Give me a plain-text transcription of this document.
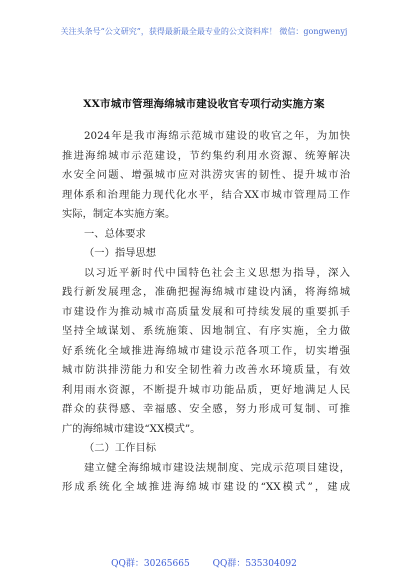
关注头条号“公文研究”，获得最新最全最专业的公文资料库！ 微信：gongwenyj
XX市城市管理海绵城市建设收官专项行动实施方案
2024年是我市海绵示范城市建设的收官之年，为加快
推进海绵城市示范建设，节约集约利用水资源、统筹解决
水安全问题、增强城市应对洪涝灾害的韧性、提升城市治
理体系和治理能力现代化水平，结合XX市城市管理局工作
实际，制定本实施方案。
一、总体要求
（一）指导思想
以习近平新时代中国特色社会主义思想为指导，深入
践行新发展理念，准确把握海绵城市建设内涵，将海绵城
市建设作为推动城市高质量发展和可持续发展的重要抓手
坚持全域谋划、系统施策、因地制宜、有序实施，全力做
好系统化全域推进海绵城市建设示范各项工作，切实增强
城市防洪排涝能力和安全韧性着力改善水环境质量，有效
利用雨水资源，不断提升城市功能品质，更好地满足人民
群众的获得感、幸福感、安全感，努力形成可复制、可推
广的海绵城市建设“XX模式”。
（二）工作目标
建立健全海绵城市建设法规制度、完成示范项目建设，
形成系统化全域推进海绵城市建设的“XX模式”，建成
QQ群：30265665	QQ群：535304092
